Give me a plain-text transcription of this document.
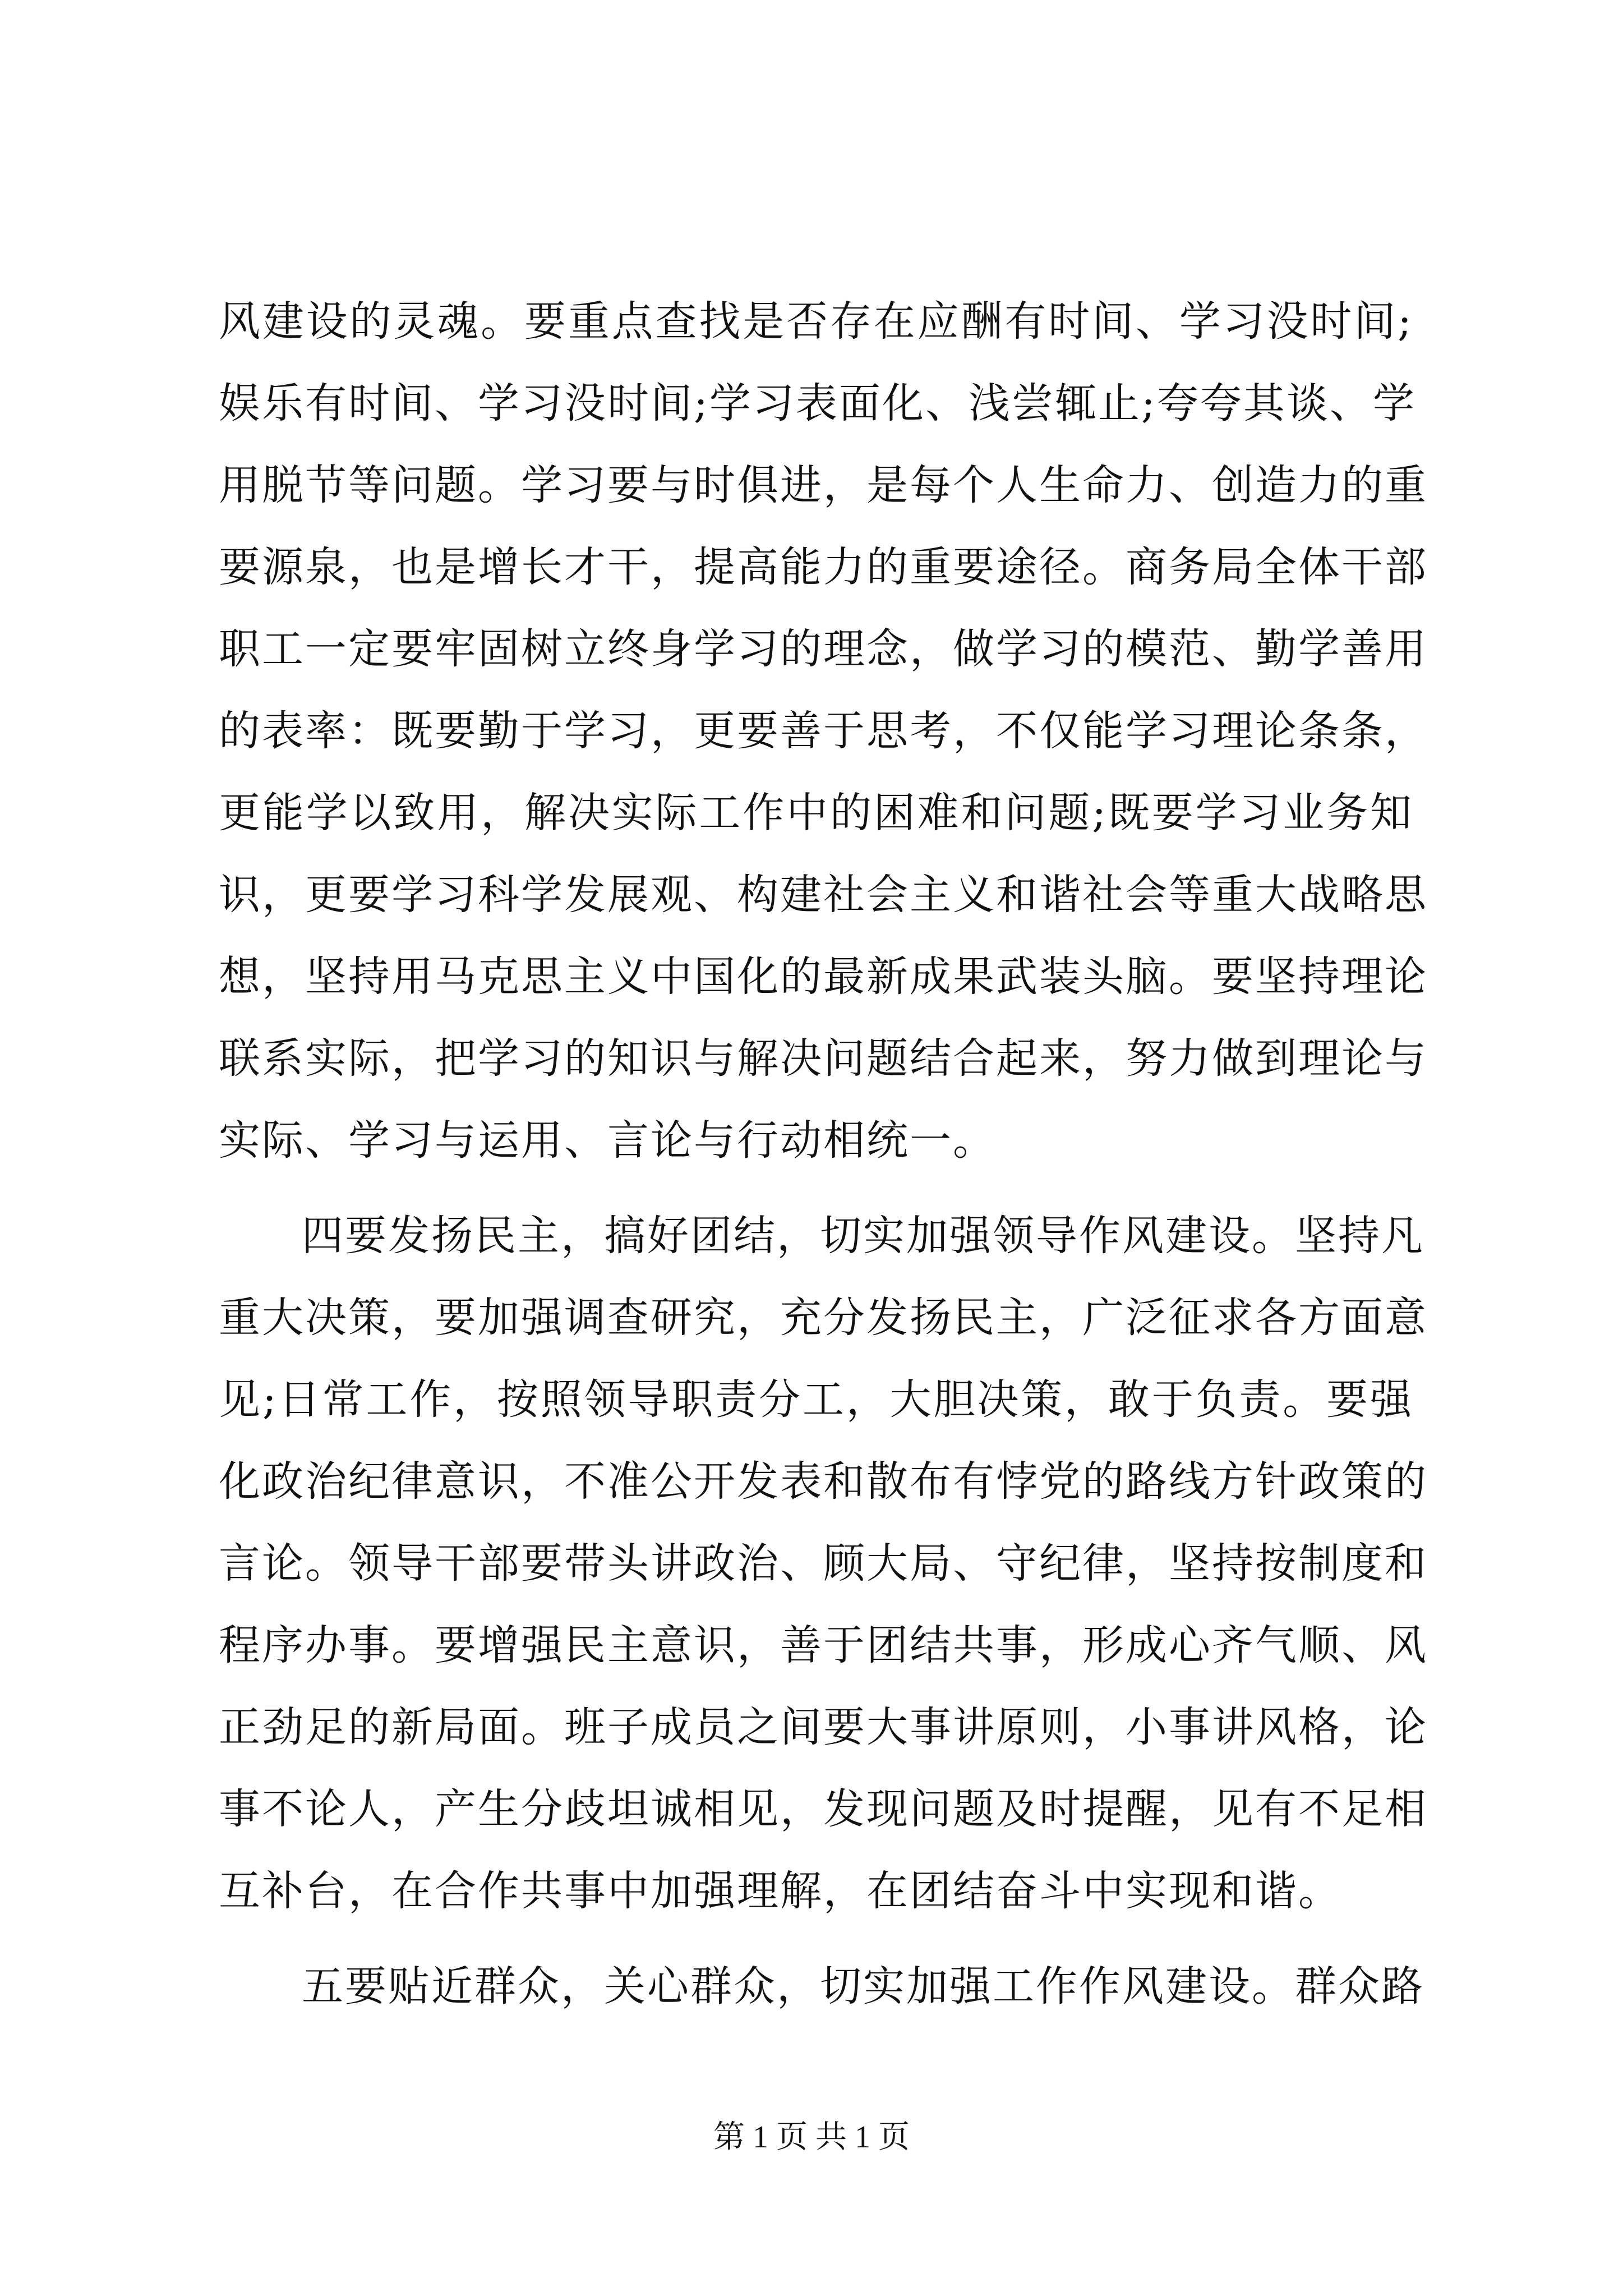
风建设的灵魂。要重点查找是否存在应酬有时间、学习没时间;
娱乐有时间、学习没时间;学习表面化、浅尝辄止;夸夸其谈、学
用脱节等问题。学习要与时俱进，是每个人生命力、创造力的重
要源泉，也是增长才干，提高能力的重要途径。商务局全体干部
职工一定要牢固树立终身学习的理念，做学习的模范、勤学善用
的表率：既要勤于学习，更要善于思考，不仅能学习理论条条，
更能学以致用，解决实际工作中的困难和问题;既要学习业务知
识，更要学习科学发展观、构建社会主义和谐社会等重大战略思
想，坚持用马克思主义中国化的最新成果武装头脑。要坚持理论
联系实际，把学习的知识与解决问题结合起来，努力做到理论与
实际、学习与运用、言论与行动相统一。
四要发扬民主，搞好团结，切实加强领导作风建设。坚持凡
重大决策，要加强调查研究，充分发扬民主，广泛征求各方面意
见;日常工作，按照领导职责分工，大胆决策，敢于负责。要强
化政治纪律意识，不准公开发表和散布有悖党的路线方针政策的
言论。领导干部要带头讲政治、顾大局、守纪律，坚持按制度和
程序办事。要增强民主意识，善于团结共事，形成心齐气顺、风
正劲足的新局面。班子成员之间要大事讲原则，小事讲风格，论
事不论人，产生分歧坦诚相见，发现问题及时提醒，见有不足相
互补台，在合作共事中加强理解，在团结奋斗中实现和谐。
五要贴近群众，关心群众，切实加强工作作风建设。群众路
第 1 页 共 1 页
